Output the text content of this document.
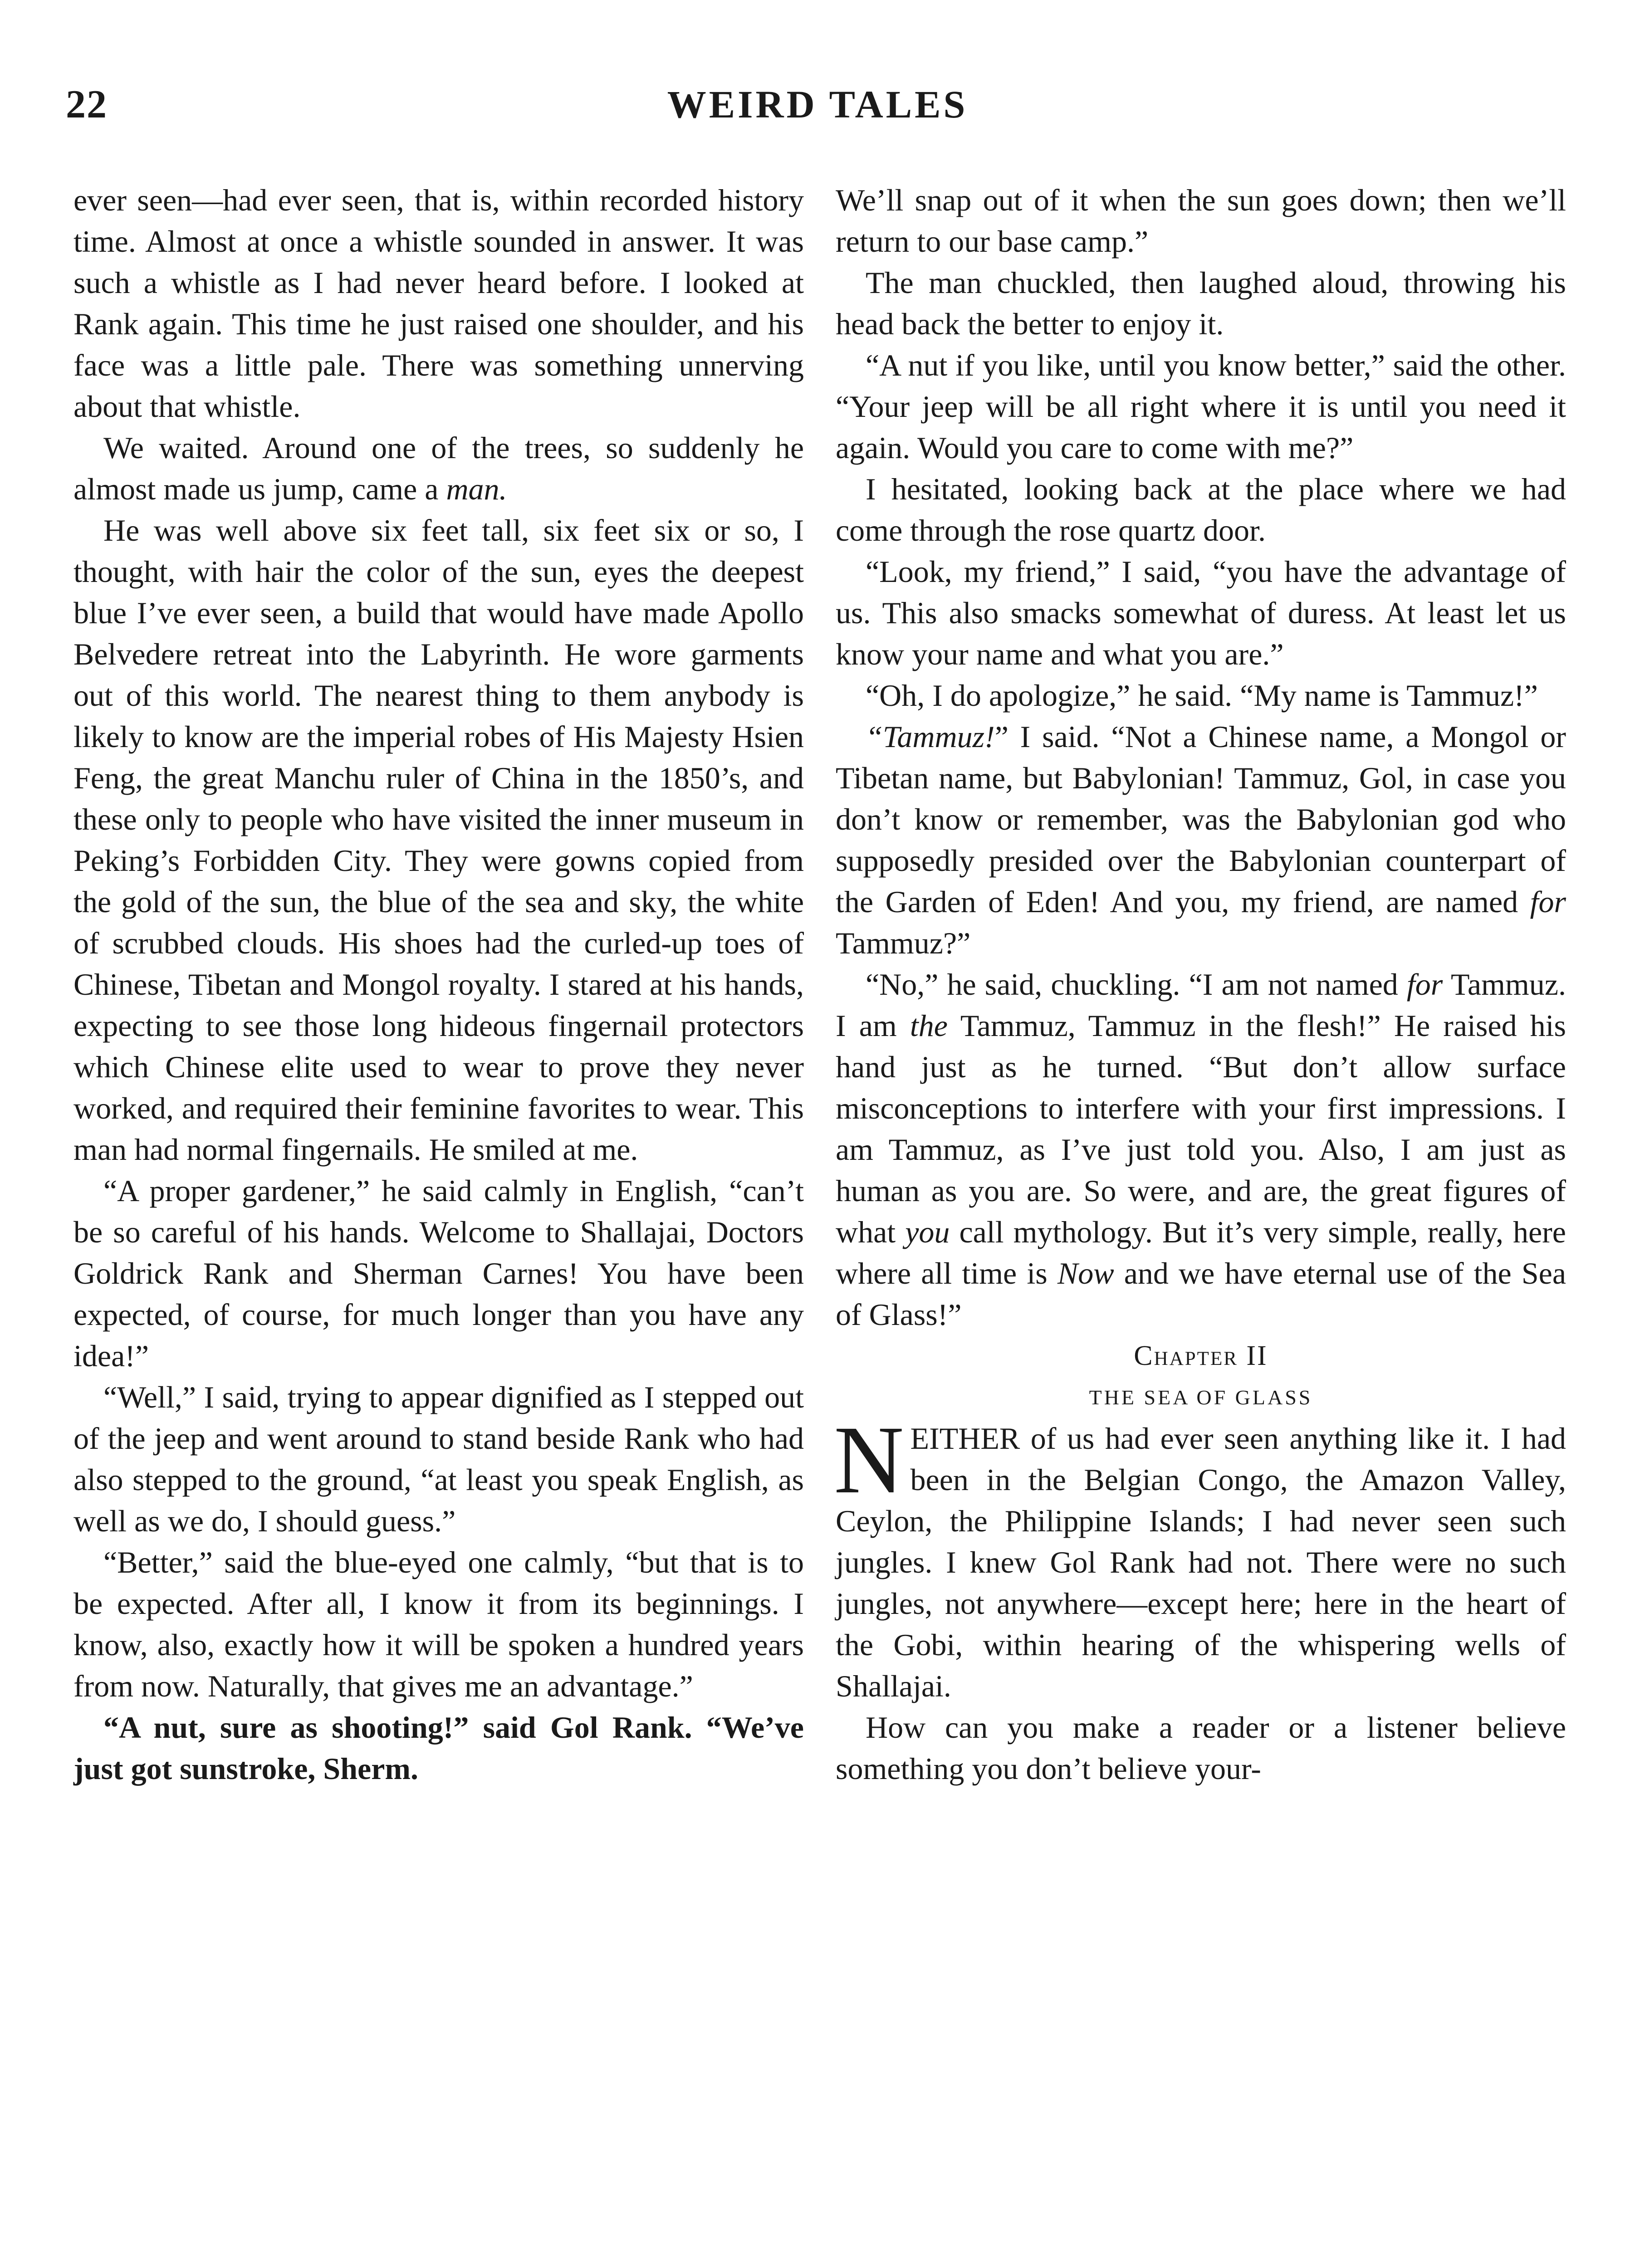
22	WEIRD TALES

ever seen—had ever seen, that is, within recorded history time. Almost at once a whistle sounded in answer. It was such a whistle as I had never heard before. I looked at Rank again. This time he just raised one shoulder, and his face was a little pale. There was something unnerving about that whistle.

We waited. Around one of the trees, so suddenly he almost made us jump, came a man.

He was well above six feet tall, six feet six or so, I thought, with hair the color of the sun, eyes the deepest blue I’ve ever seen, a build that would have made Apollo Belvedere retreat into the Labyrinth. He wore garments out of this world. The nearest thing to them anybody is likely to know are the imperial robes of His Majesty Hsien Feng, the great Manchu ruler of China in the 1850’s, and these only to people who have visited the inner museum in Peking’s Forbidden City. They were gowns copied from the gold of the sun, the blue of the sea and sky, the white of scrubbed clouds. His shoes had the curled-up toes of Chinese, Tibetan and Mongol royalty. I stared at his hands, expecting to see those long hideous fingernail protectors which Chinese elite used to wear to prove they never worked, and required their feminine favorites to wear. This man had normal fingernails. He smiled at me.

“A proper gardener,” he said calmly in English, “can’t be so careful of his hands. Welcome to Shallajai, Doctors Goldrick Rank and Sherman Carnes! You have been expected, of course, for much longer than you have any idea!”

“Well,” I said, trying to appear dignified as I stepped out of the jeep and went around to stand beside Rank who had also stepped to the ground, “at least you speak English, as well as we do, I should guess.”

“Better,” said the blue-eyed one calmly, “but that is to be expected. After all, I know it from its beginnings. I know, also, exactly how it will be spoken a hundred years from now. Naturally, that gives me an advantage.”

“A nut, sure as shooting!” said Gol Rank. “We’ve just got sunstroke, Sherm.

We’ll snap out of it when the sun goes down; then we’ll return to our base camp.”

The man chuckled, then laughed aloud, throwing his head back the better to enjoy it.

“A nut if you like, until you know better,” said the other. “Your jeep will be all right where it is until you need it again. Would you care to come with me?”

I hesitated, looking back at the place where we had come through the rose quartz door.

“Look, my friend,” I said, “you have the advantage of us. This also smacks somewhat of duress. At least let us know your name and what you are.”

“Oh, I do apologize,” he said. “My name is Tammuz!”

“Tammuz!” I said. “Not a Chinese name, a Mongol or Tibetan name, but Babylonian! Tammuz, Gol, in case you don’t know or remember, was the Babylonian god who supposedly presided over the Babylonian counterpart of the Garden of Eden! And you, my friend, are named for Tammuz?”

“No,” he said, chuckling. “I am not named for Tammuz. I am the Tammuz, Tammuz in the flesh!” He raised his hand just as he turned. “But don’t allow surface misconceptions to interfere with your first impressions. I am Tammuz, as I’ve just told you. Also, I am just as human as you are. So were, and are, the great figures of what you call mythology. But it’s very simple, really, here where all time is Now and we have eternal use of the Sea of Glass!”

Chapter II

THE SEA OF GLASS

NEITHER of us had ever seen anything like it. I had been in the Belgian Congo, the Amazon Valley, Ceylon, the Philippine Islands; I had never seen such jungles. I knew Gol Rank had not. There were no such jungles, not anywhere—except here; here in the heart of the Gobi, within hearing of the whispering wells of Shallajai.

How can you make a reader or a listener believe something you don’t believe your-
